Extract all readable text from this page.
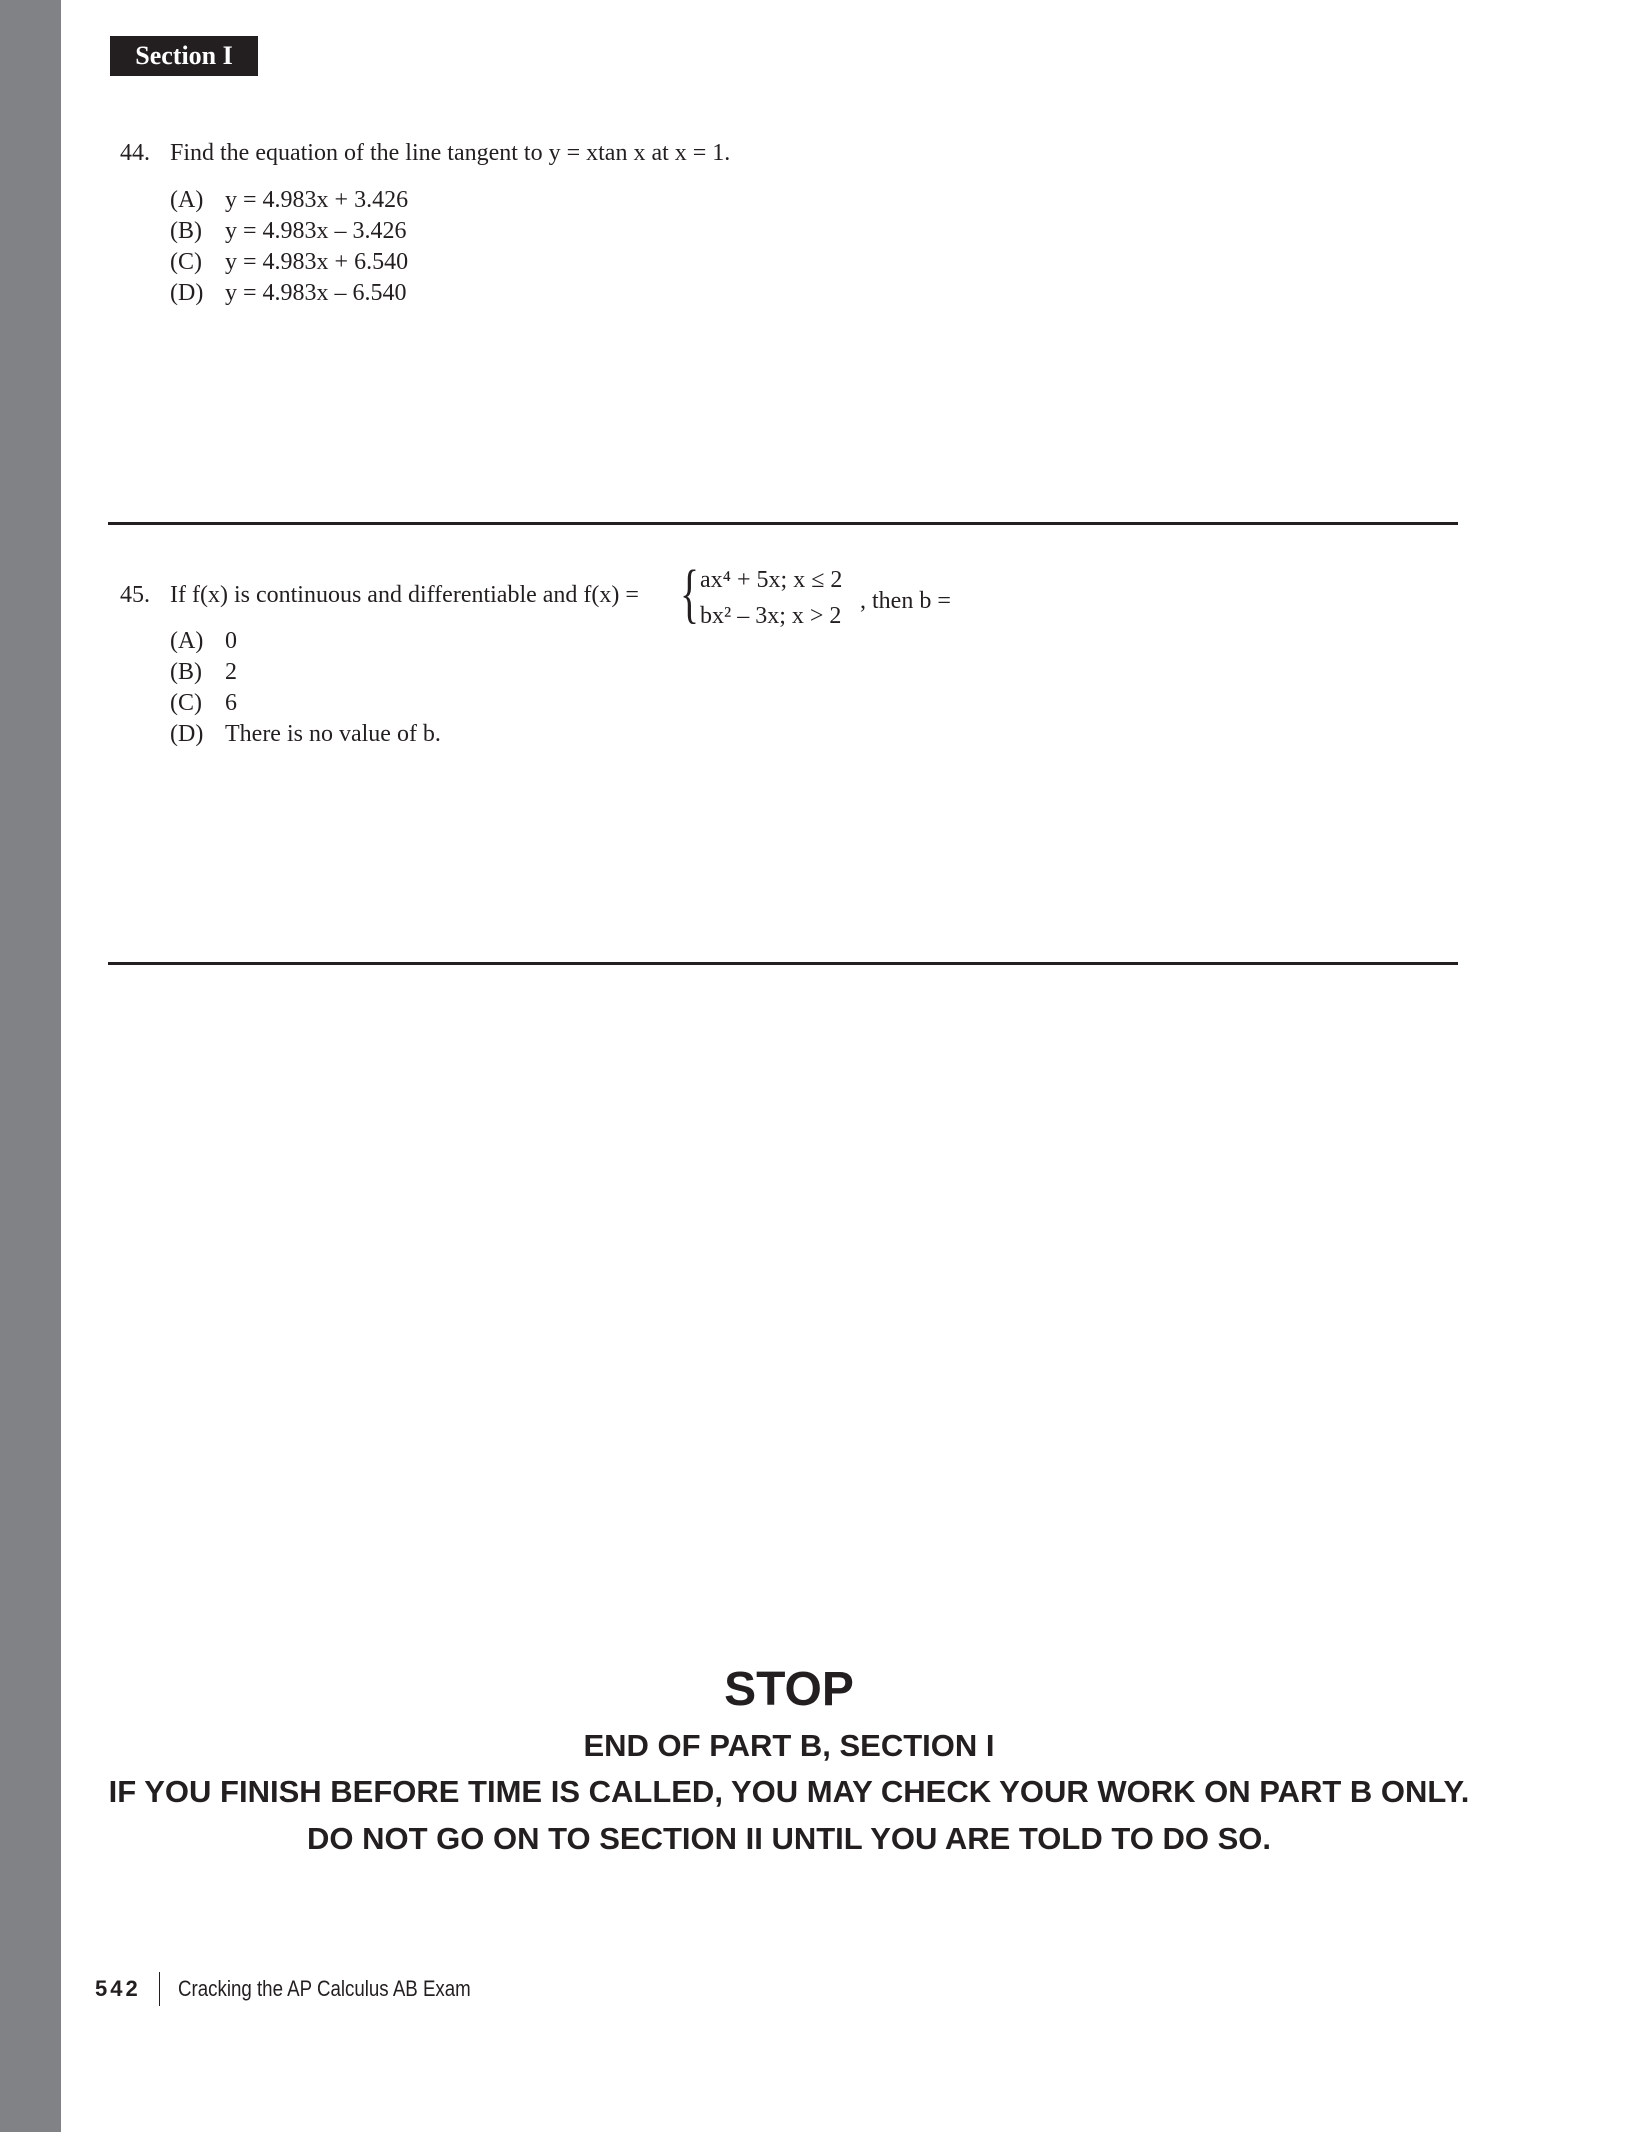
Section I
44. Find the equation of the line tangent to y = xtan x at x = 1.
(A) y = 4.983x + 3.426
(B) y = 4.983x – 3.426
(C) y = 4.983x + 6.540
(D) y = 4.983x – 6.540
45. If f(x) is continuous and differentiable and f(x) = { ax⁴ + 5x; x ≤ 2
bx² – 3x; x > 2
, then b =
(A) 0
(B) 2
(C) 6
(D) There is no value of b.
STOP
END OF PART B, SECTION I
IF YOU FINISH BEFORE TIME IS CALLED, YOU MAY CHECK YOUR WORK ON PART B ONLY.
DO NOT GO ON TO SECTION II UNTIL YOU ARE TOLD TO DO SO.
542 Cracking the AP Calculus AB Exam
